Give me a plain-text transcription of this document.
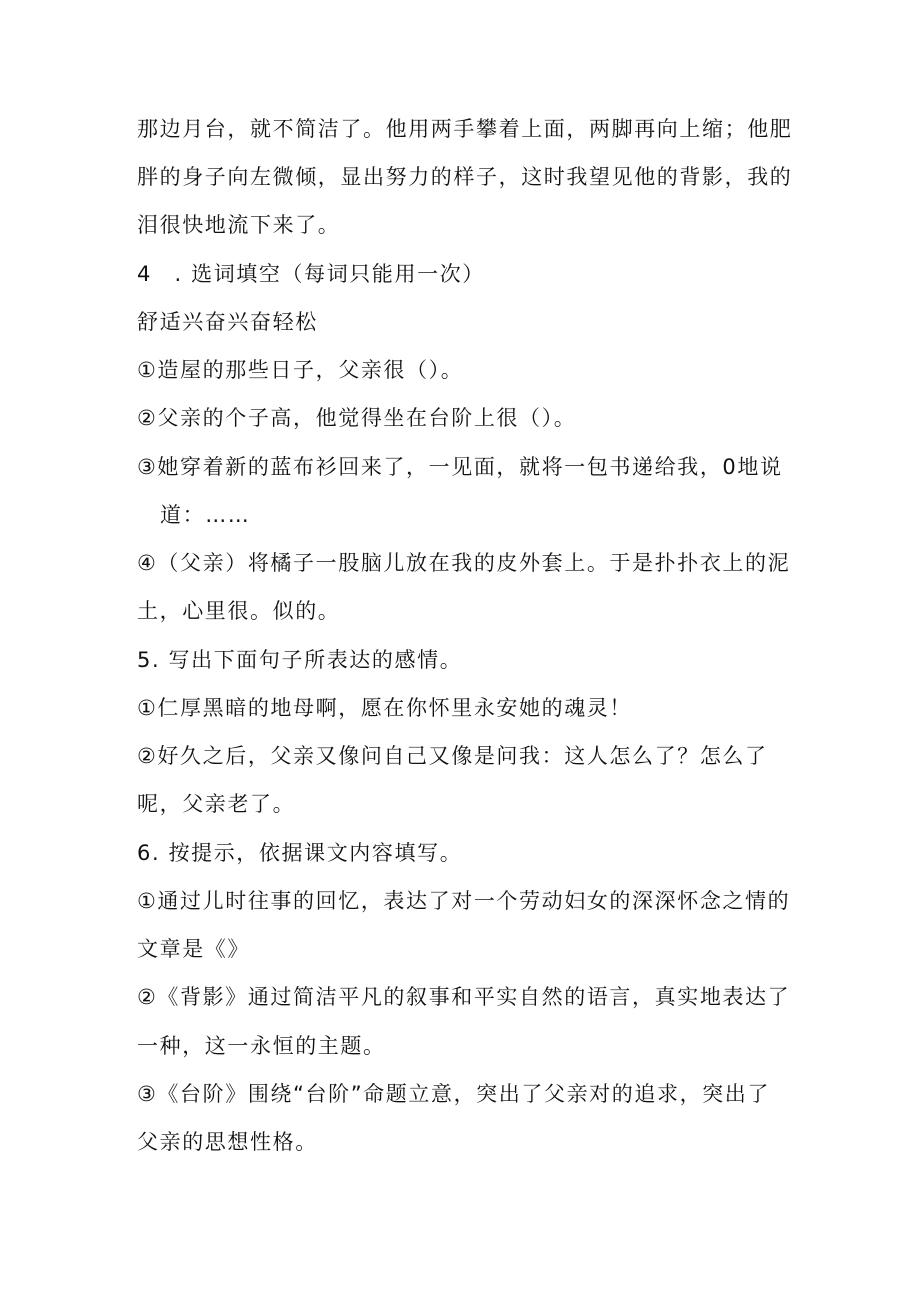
那边月台，就不简洁了。他用两手攀着上面，两脚再向上缩；他肥

胖的身子向左微倾，显出努力的样子，这时我望见他的背影，我的

泪很快地流下来了。

4　. 选词填空（每词只能用一次）

舒适兴奋兴奋轻松

①造屋的那些日子，父亲很（）。

②父亲的个子高，他觉得坐在台阶上很（）。

③她穿着新的蓝布衫回来了，一见面，就将一包书递给我，0地说

道：……

④（父亲）将橘子一股脑儿放在我的皮外套上。于是扑扑衣上的泥

土，心里很。似的。

5. 写出下面句子所表达的感情。

①仁厚黑暗的地母啊，愿在你怀里永安她的魂灵！

②好久之后，父亲又像问自己又像是问我：这人怎么了？怎么了

呢，父亲老了。

6. 按提示，依据课文内容填写。

①通过儿时往事的回忆，表达了对一个劳动妇女的深深怀念之情的

文章是《》

②《背影》通过简洁平凡的叙事和平实自然的语言，真实地表达了

一种，这一永恒的主题。

③《台阶》围绕“台阶”命题立意，突出了父亲对的追求，突出了

父亲的思想性格。
